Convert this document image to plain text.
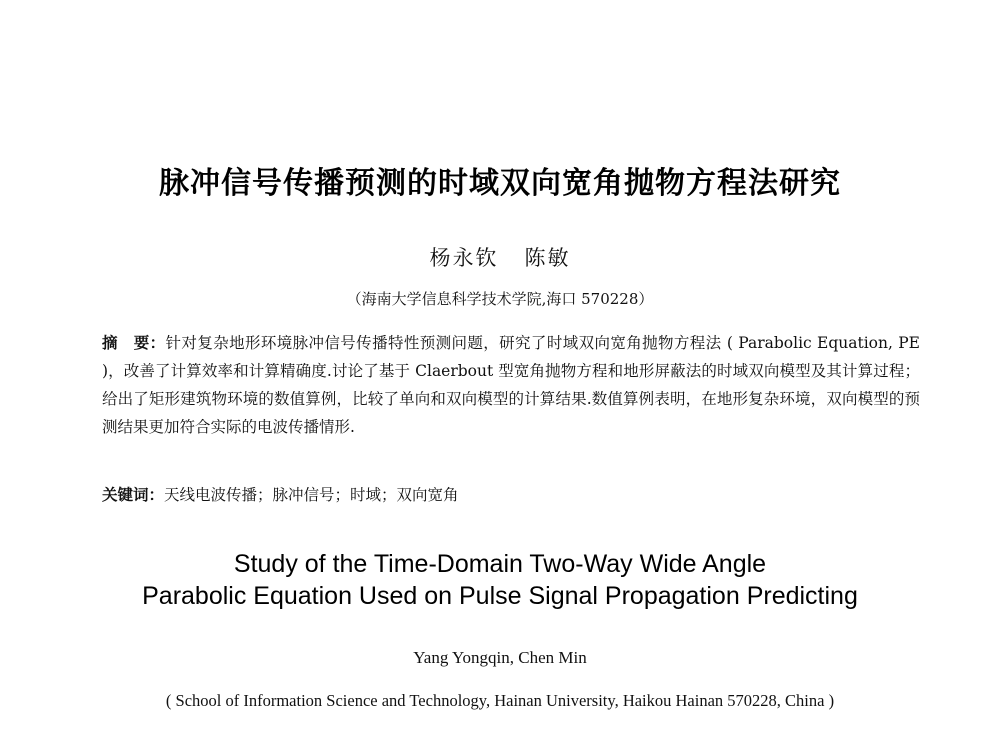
脉冲信号传播预测的时域双向宽角抛物方程法研究
杨永钦 陈敏
（海南大学信息科学技术学院,海口 570228）
摘　要：针对复杂地形环境脉冲信号传播特性预测问题，研究了时域双向宽角抛物方程法 ( Parabolic Equation, PE )，改善了计算效率和计算精确度.讨论了基于 Claerbout 型宽角抛物方程和地形屏蔽法的时域双向模型及其计算过程；给出了矩形建筑物环境的数值算例，比较了单向和双向模型的计算结果.数值算例表明，在地形复杂环境，双向模型的预测结果更加符合实际的电波传播情形.
关键词：天线电波传播；脉冲信号；时域；双向宽角
Study of the Time-Domain Two-Way Wide Angle
Parabolic Equation Used on Pulse Signal Propagation Predicting
Yang Yongqin, Chen Min
( School of Information Science and Technology, Hainan University, Haikou Hainan 570228, China )
